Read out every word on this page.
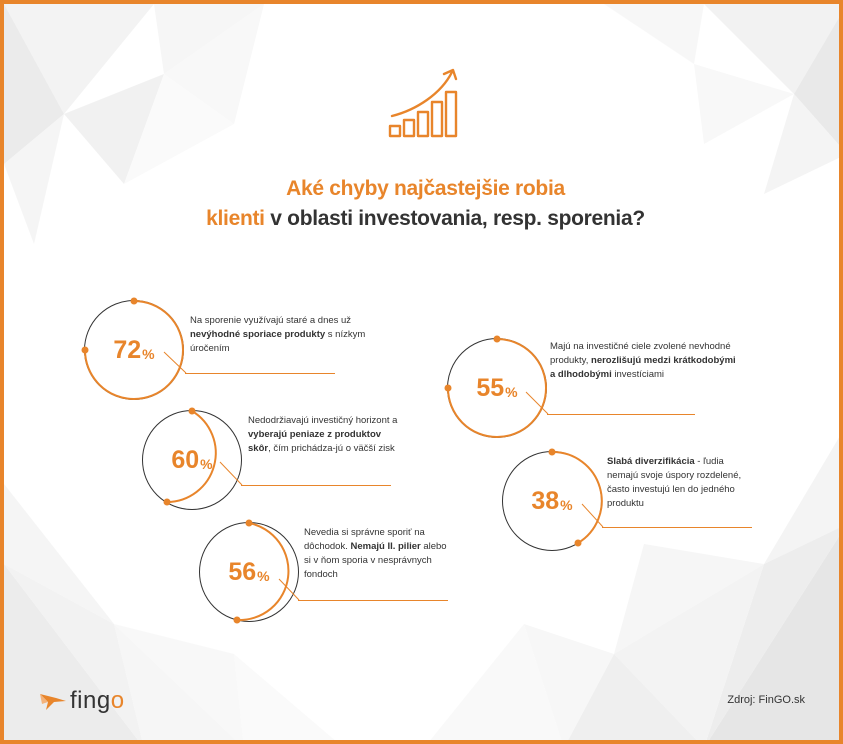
Aké chyby najčastejšie robia
klienti v oblasti investovania, resp. sporenia?
72 %
Na sporenie využívajú staré a dnes už nevýhodné sporiace produkty s nízkym úročením
55 %
Majú na investičné ciele zvolené nevhodné produkty, nerozlišujú medzi krátkodobými a dlhodobými investíciami
60 %
Nedodržiavajú investičný horizont a vyberajú peniaze z produktov skôr, čím prichádza-jú o väčší zisk
38 %
Slabá diverzifikácia - ľudia nemajú svoje úspory rozdelené, často investujú len do jedného produktu
56 %
Nevedia si správne sporiť na dôchodok. Nemajú II. pilier alebo si v ňom sporia v nesprávnych fondoch
fingo	Zdroj: FinGO.sk
